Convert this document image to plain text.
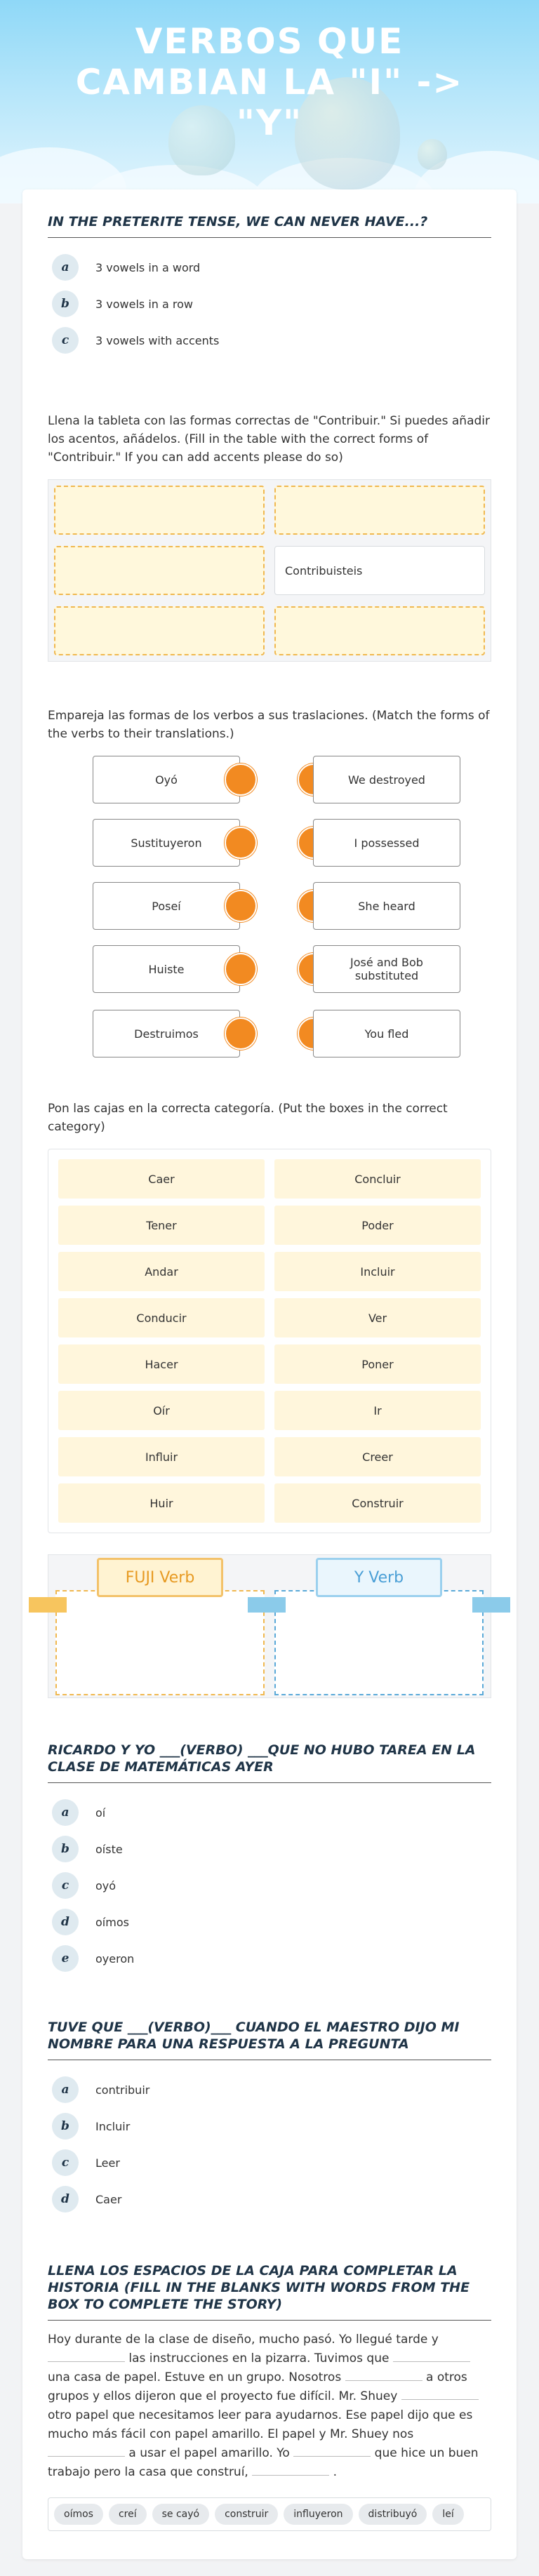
VERBOS QUE
CAMBIAN LA "I" ->
"Y"
IN THE PRETERITE TENSE, WE CAN NEVER HAVE...?
a	3 vowels in a word
b	3 vowels in a row
c	3 vowels with accents
Llena la tableta con las formas correctas de "Contribuir." Si puedes añadir los acentos, añádelos. (Fill in the table with the correct forms of "Contribuir." If you can add accents please do so)
Contribuisteis
Empareja las formas de los verbos a sus traslaciones. (Match the forms of the verbs to their translations.)
Oyó
Sustituyeron
Poseí
Huiste
Destruimos
We destroyed
I possessed
She heard
José and Bob substituted
You fled
Pon las cajas en la correcta categoría. (Put the boxes in the correct category)
Caer	Concluir
Tener	Poder
Andar	Incluir
Conducir	Ver
Hacer	Poner
Oír	Ir
Influir	Creer
Huir	Construir
FUJI Verb	Y Verb
RICARDO Y YO ___(VERBO) ___QUE NO HUBO TAREA EN LA CLASE DE MATEMÁTICAS AYER
a	oí
b	oíste
c	oyó
d	oímos
e	oyeron
TUVE QUE ___(VERBO)___ CUANDO EL MAESTRO DIJO MI NOMBRE PARA UNA RESPUESTA A LA PREGUNTA
a	contribuir
b	Incluir
c	Leer
d	Caer
LLENA LOS ESPACIOS DE LA CAJA PARA COMPLETAR LA HISTORIA (FILL IN THE BLANKS WITH WORDS FROM THE BOX TO COMPLETE THE STORY)
Hoy durante de la clase de diseño, mucho pasó. Yo llegué tarde y  las instrucciones en la pizarra. Tuvimos que  una casa de papel. Estuve en un grupo. Nosotros	a otros grupos y ellos dijeron que el proyecto fue difícil. Mr. Shuey  otro papel que necesitamos leer para ayudarnos. Ese papel dijo que es mucho más fácil con papel amarillo. El papel y Mr. Shuey nos  a usar el papel amarillo. Yo	que hice un buen trabajo pero la casa que construí,	.
oímos	creí	se cayó	construir	influyeron	distribuyó	leí
